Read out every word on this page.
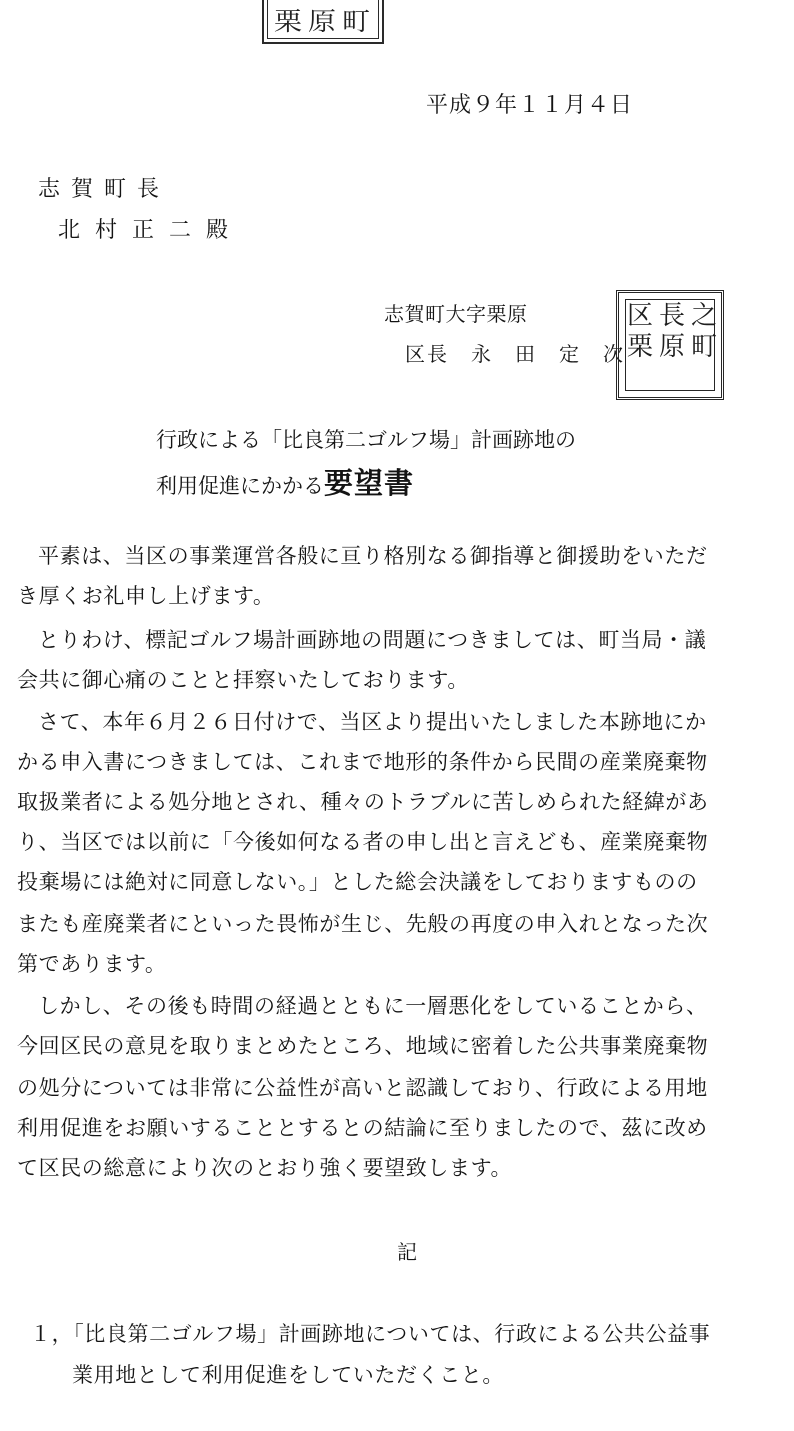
栗 原 町
平成９年１１月４日
志賀町長
北村正二殿
志賀町大字栗原
区長　永　田　定　次
区
栗
長
原
之
町
行政による「比良第二ゴルフ場」計画跡地の
利用促進にかかる要望書
平素は、当区の事業運営各般に亘り格別なる御指導と御援助をいただ
き厚くお礼申し上げます。
とりわけ、標記ゴルフ場計画跡地の問題につきましては、町当局・議
会共に御心痛のことと拝察いたしております。
さて、本年６月２６日付けで、当区より提出いたしました本跡地にか
かる申入書につきましては、これまで地形的条件から民間の産業廃棄物
取扱業者による処分地とされ、種々のトラブルに苦しめられた経緯があ
り、当区では以前に「今後如何なる者の申し出と言えども、産業廃棄物
投棄場には絶対に同意しない。」とした総会決議をしておりますものの
またも産廃業者にといった畏怖が生じ、先般の再度の申入れとなった次
第であります。
しかし、その後も時間の経過とともに一層悪化をしていることから、
今回区民の意見を取りまとめたところ、地域に密着した公共事業廃棄物
の処分については非常に公益性が高いと認識しており、行政による用地
利用促進をお願いすることとするとの結論に至りましたので、茲に改め
て区民の総意により次のとおり強く要望致します。
記
１，「比良第二ゴルフ場」計画跡地については、行政による公共公益事
業用地として利用促進をしていただくこと。
